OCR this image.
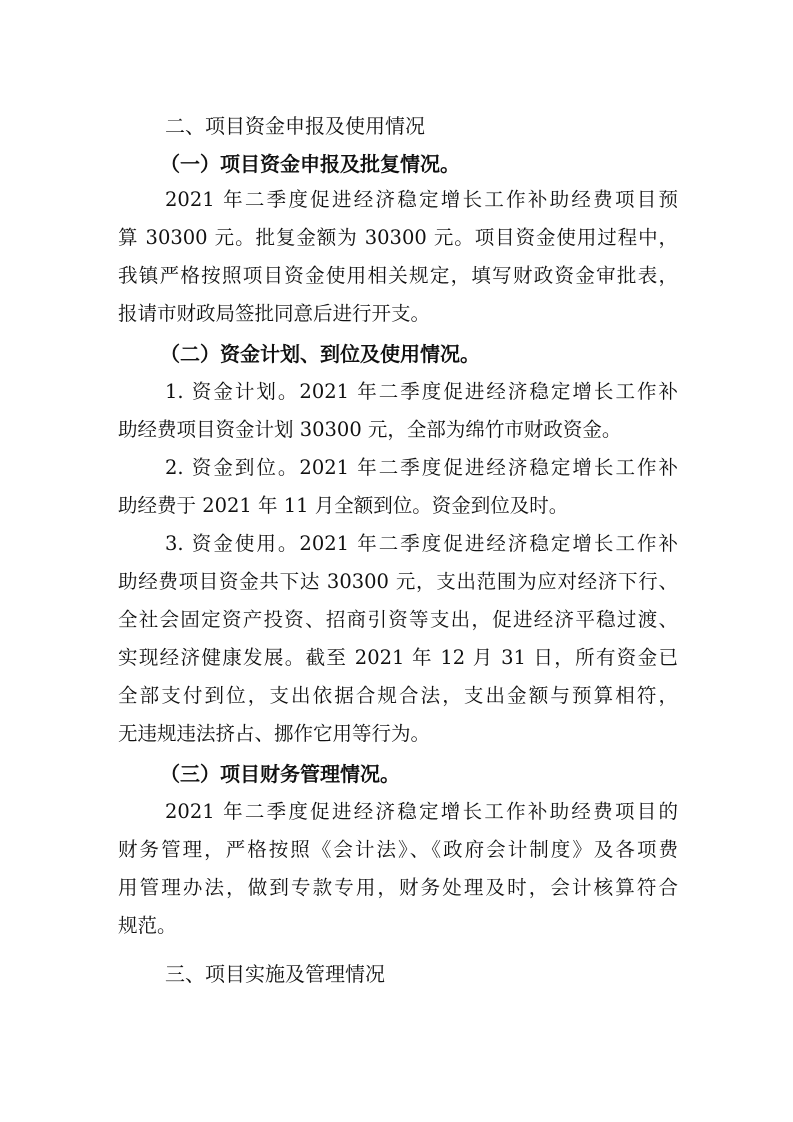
二、项目资金申报及使用情况
（一）项目资金申报及批复情况。
2021 年二季度促进经济稳定增长工作补助经费项目预
算 30300 元。批复金额为 30300 元。项目资金使用过程中，
我镇严格按照项目资金使用相关规定，填写财政资金审批表，
报请市财政局签批同意后进行开支。
（二）资金计划、到位及使用情况。
1. 资金计划。2021 年二季度促进经济稳定增长工作补
助经费项目资金计划 30300 元，全部为绵竹市财政资金。
2. 资金到位。2021 年二季度促进经济稳定增长工作补
助经费于 2021 年 11 月全额到位。资金到位及时。
3. 资金使用。2021 年二季度促进经济稳定增长工作补
助经费项目资金共下达 30300 元，支出范围为应对经济下行、
全社会固定资产投资、招商引资等支出，促进经济平稳过渡、
实现经济健康发展。截至 2021 年 12 月 31 日，所有资金已
全部支付到位，支出依据合规合法，支出金额与预算相符，
无违规违法挤占、挪作它用等行为。
（三）项目财务管理情况。
2021 年二季度促进经济稳定增长工作补助经费项目的
财务管理，严格按照《会计法》、《政府会计制度》及各项费
用管理办法，做到专款专用，财务处理及时，会计核算符合
规范。
三、项目实施及管理情况
